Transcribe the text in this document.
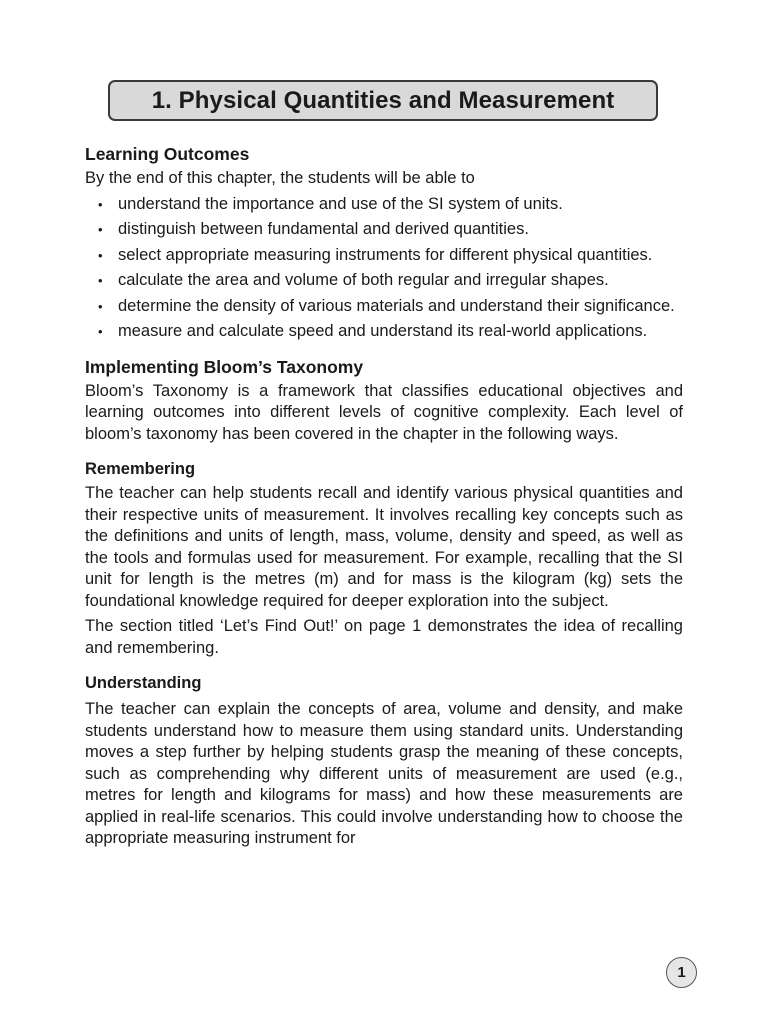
1. Physical Quantities and Measurement
Learning Outcomes

By the end of this chapter, the students will be able to

• understand the importance and use of the SI system of units.
• distinguish between fundamental and derived quantities.
• select appropriate measuring instruments for different physical quantities.
• calculate the area and volume of both regular and irregular shapes.
• determine the density of various materials and understand their significance.
• measure and calculate speed and understand its real-world applications.
Implementing Bloom’s Taxonomy

Bloom’s Taxonomy is a framework that classifies educational objectives and learning outcomes into different levels of cognitive complexity. Each level of bloom’s taxonomy has been covered in the chapter in the following ways.

Remembering

The teacher can help students recall and identify various physical quantities and their respective units of measurement. It involves recalling key concepts such as the definitions and units of length, mass, volume, density and speed, as well as the tools and formulas used for measurement. For example, recalling that the SI unit for length is the metres (m) and for mass is the kilogram (kg) sets the foundational knowledge required for deeper exploration into the subject.

The section titled ‘Let’s Find Out!’ on page 1 demonstrates the idea of recalling and remembering.

Understanding

The teacher can explain the concepts of area, volume and density, and make students understand how to measure them using standard units. Understanding moves a step further by helping students grasp the meaning of these concepts, such as comprehending why different units of measurement are used (e.g., metres for length and kilograms for mass) and how these measurements are applied in real-life scenarios. This could involve understanding how to choose the appropriate measuring instrument for

1
